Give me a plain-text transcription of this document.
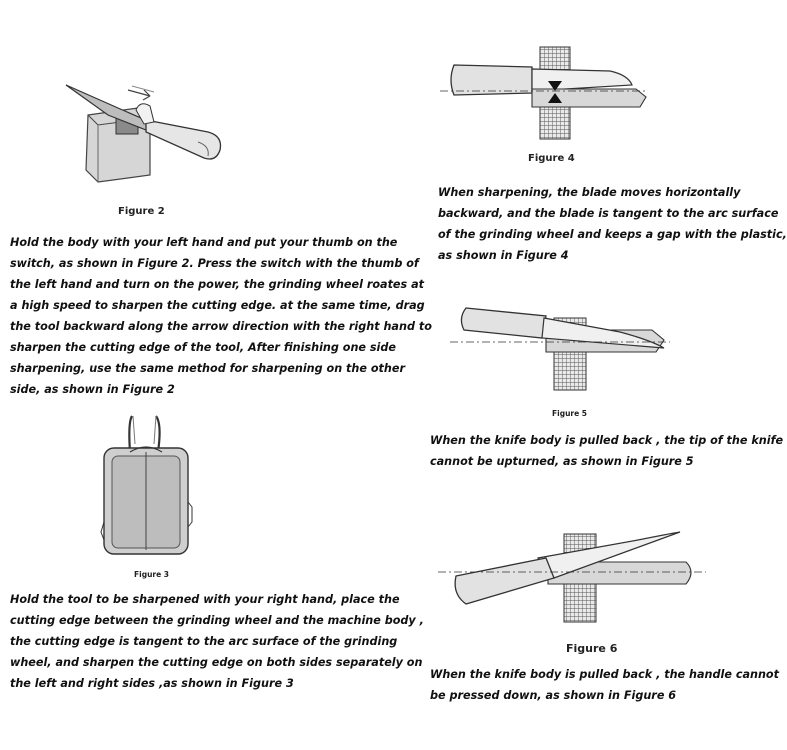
Figure 2
Hold the body with your left hand and put your thumb on the
switch, as shown in Figure 2. Press the switch with the thumb of
the left hand and turn on the power, the grinding wheel roates at
a high speed to sharpen the cutting edge. at the same time, drag
the tool backward along the arrow direction with the right hand to
sharpen the cutting edge of the tool, After finishing one side
sharpening, use the same method for sharpening on the other
side, as shown in Figure 2
Figure 3
Hold the tool to be sharpened with your right hand, place the
cutting edge between the grinding wheel and the machine body ,
the cutting edge is tangent to the arc surface of the grinding
wheel, and sharpen the cutting edge on both sides separately on
the left and right sides ,as shown in Figure 3
Figure 4
When sharpening, the blade moves horizontally
backward, and the blade is tangent to the arc surface
of the grinding wheel and keeps a gap with the plastic,
as shown in Figure 4
Figure 5
When the knife body is pulled back , the tip of the knife
cannot be upturned, as shown in Figure 5
Figure 6
When the knife body is pulled back , the handle cannot
be pressed down, as shown in Figure 6
